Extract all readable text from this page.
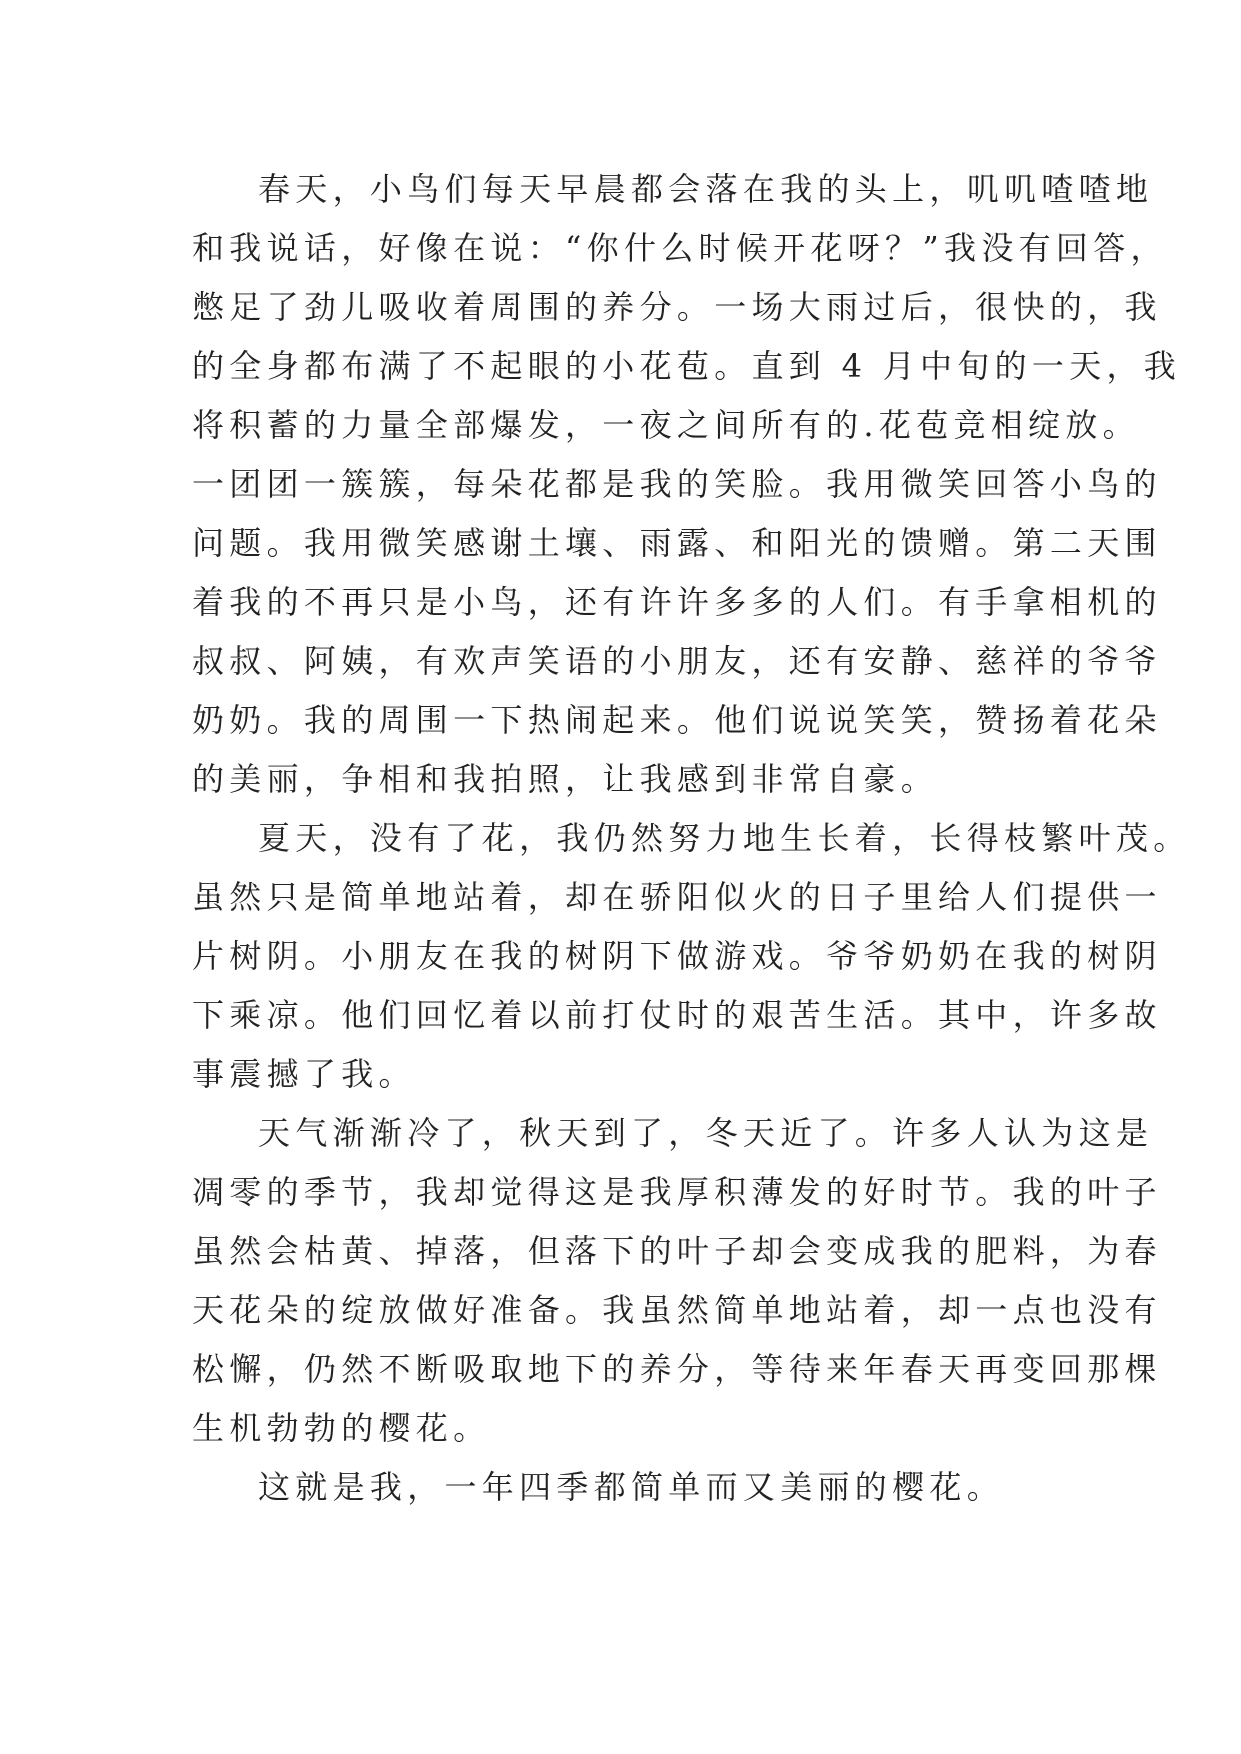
春天，小鸟们每天早晨都会落在我的头上，叽叽喳喳地
和我说话，好像在说：“你什么时候开花呀？”我没有回答，
憋足了劲儿吸收着周围的养分。一场大雨过后，很快的，我
的全身都布满了不起眼的小花苞。直到 4 月中旬的一天，我
将积蓄的力量全部爆发，一夜之间所有的.花苞竞相绽放。
一团团一簇簇，每朵花都是我的笑脸。我用微笑回答小鸟的
问题。我用微笑感谢土壤、雨露、和阳光的馈赠。第二天围
着我的不再只是小鸟，还有许许多多的人们。有手拿相机的
叔叔、阿姨，有欢声笑语的小朋友，还有安静、慈祥的爷爷
奶奶。我的周围一下热闹起来。他们说说笑笑，赞扬着花朵
的美丽，争相和我拍照，让我感到非常自豪。
夏天，没有了花，我仍然努力地生长着，长得枝繁叶茂。
虽然只是简单地站着，却在骄阳似火的日子里给人们提供一
片树阴。小朋友在我的树阴下做游戏。爷爷奶奶在我的树阴
下乘凉。他们回忆着以前打仗时的艰苦生活。其中，许多故
事震撼了我。
天气渐渐冷了，秋天到了，冬天近了。许多人认为这是
凋零的季节，我却觉得这是我厚积薄发的好时节。我的叶子
虽然会枯黄、掉落，但落下的叶子却会变成我的肥料，为春
天花朵的绽放做好准备。我虽然简单地站着，却一点也没有
松懈，仍然不断吸取地下的养分，等待来年春天再变回那棵
生机勃勃的樱花。
这就是我，一年四季都简单而又美丽的樱花。
